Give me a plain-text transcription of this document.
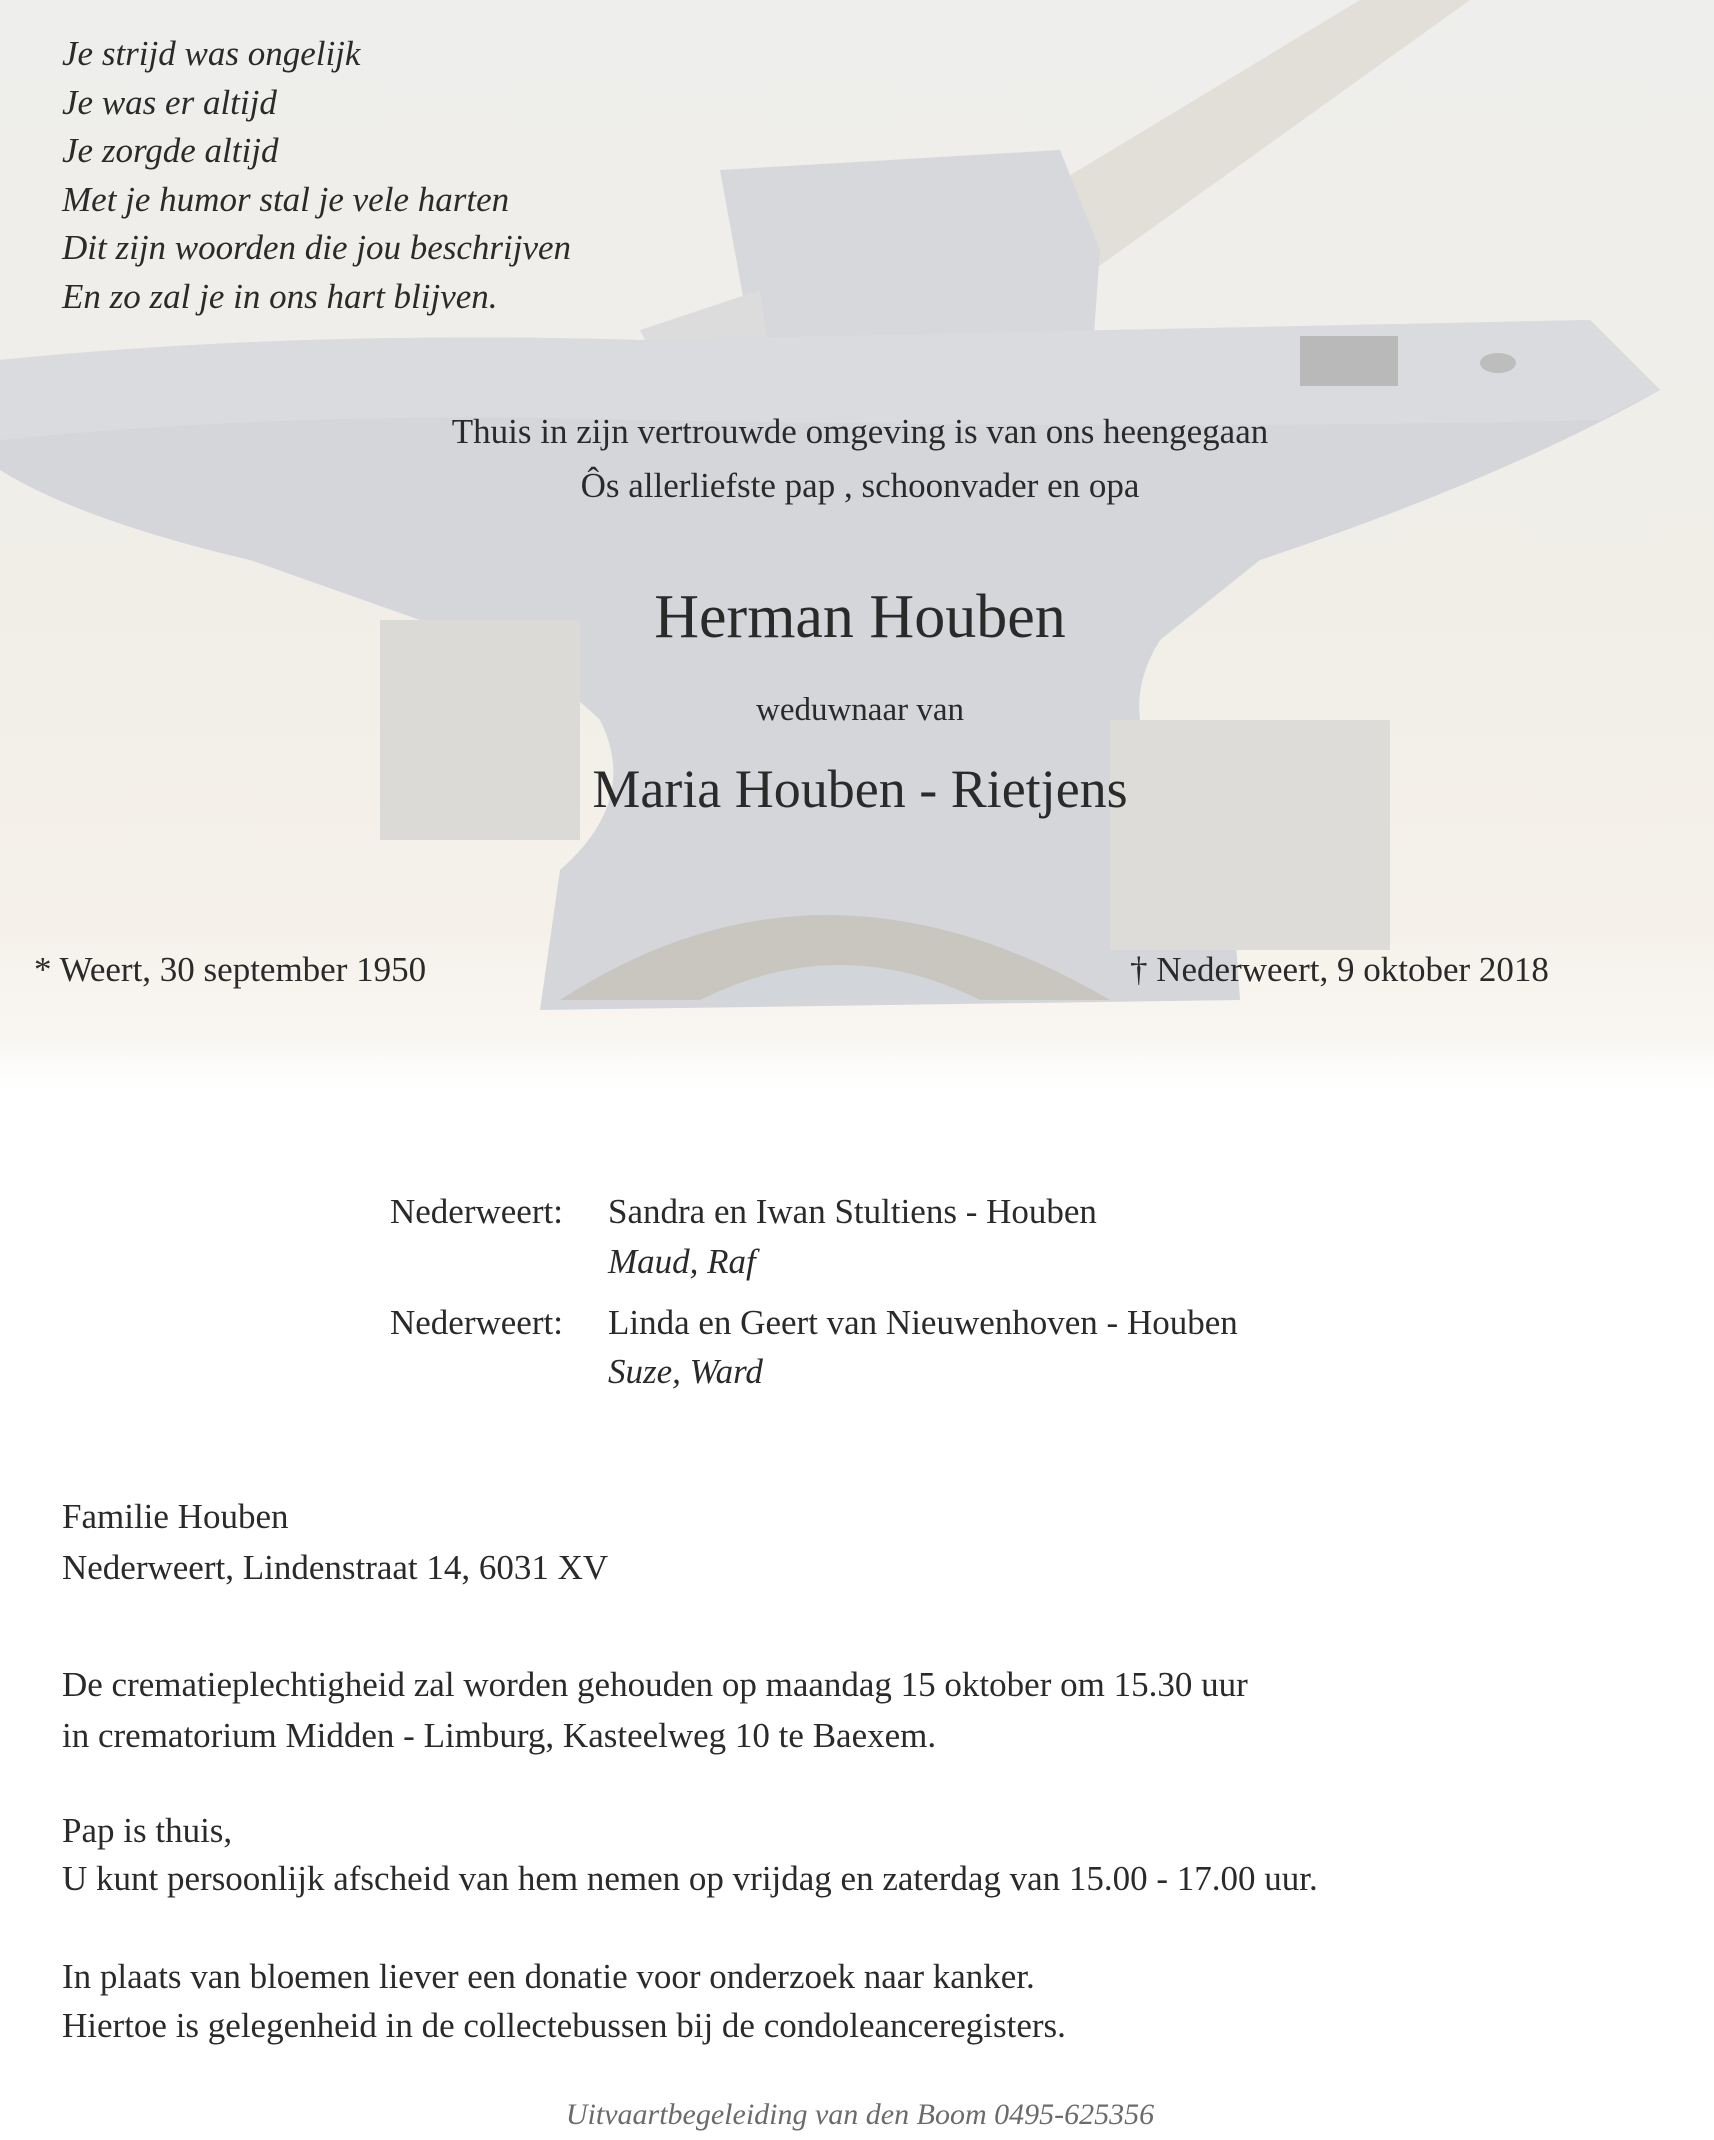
Je strijd was ongelijk
Je was er altijd
Je zorgde altijd
Met je humor stal je vele harten
Dit zijn woorden die jou beschrijven
En zo zal je in ons hart blijven.
Thuis in zijn vertrouwde omgeving is van ons heengegaan
Ôs allerliefste pap , schoonvader en opa
Herman Houben
weduwnaar van
Maria Houben - Rietjens
* Weert, 30 september 1950	† Nederweert, 9 oktober 2018
Nederweert: Sandra en Iwan Stultiens - Houben
Maud, Raf
Nederweert: Linda en Geert van Nieuwenhoven - Houben
Suze, Ward
Familie Houben
Nederweert, Lindenstraat 14, 6031 XV
De crematieplechtigheid zal worden gehouden op maandag 15 oktober om 15.30 uur
in crematorium Midden - Limburg, Kasteelweg 10 te Baexem.
Pap is thuis,
U kunt persoonlijk afscheid van hem nemen op vrijdag en zaterdag van 15.00 - 17.00 uur.
In plaats van bloemen liever een donatie voor onderzoek naar kanker.
Hiertoe is gelegenheid in de collectebussen bij de condoleanceregisters.
Uitvaartbegeleiding van den Boom 0495-625356
